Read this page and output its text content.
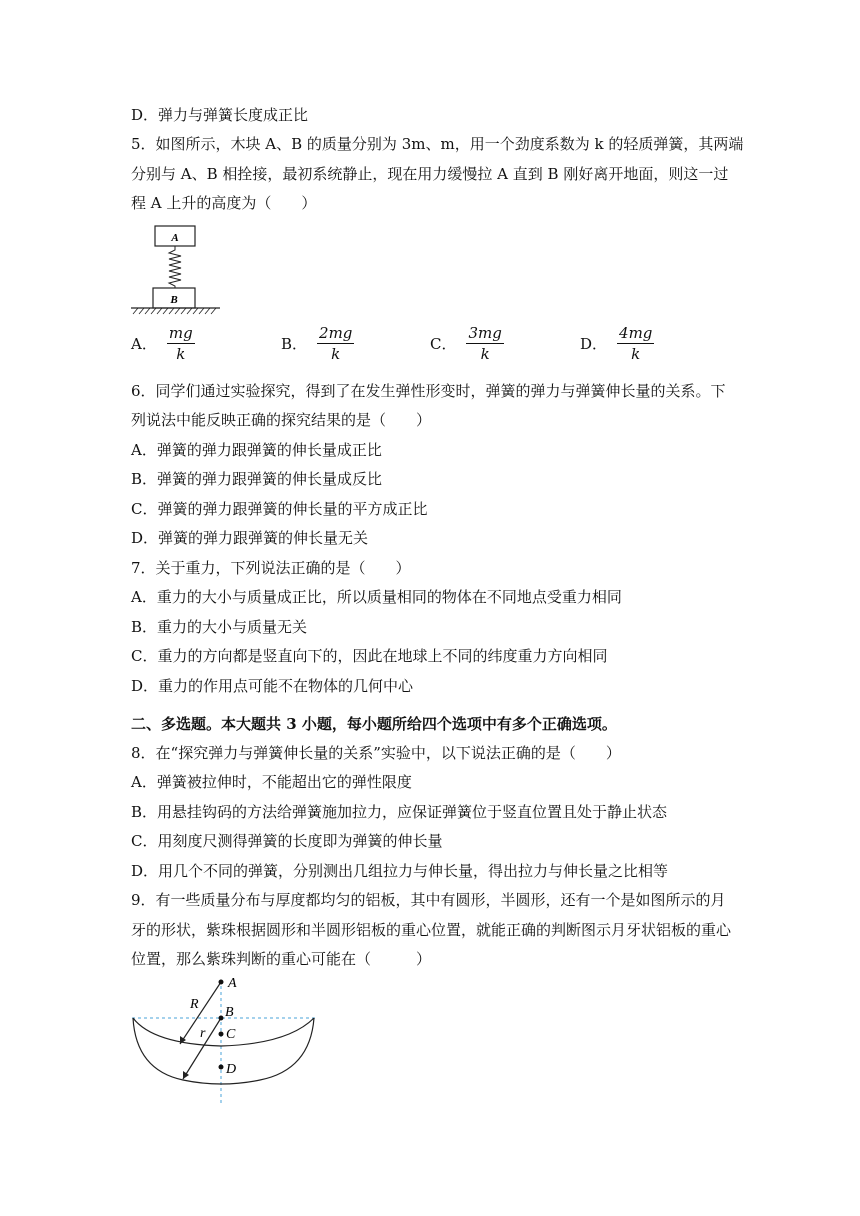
D．弹力与弹簧长度成正比
5．如图所示，木块 A、B 的质量分别为 3m、m，用一个劲度系数为 k 的轻质弹簧，其两端
分别与 A、B 相拴接，最初系统静止，现在用力缓慢拉 A 直到 B 刚好离开地面，则这一过
程 A 上升的高度为（　　）
A
B
A． $\frac{mg}{k}$	B． $\frac{2mg}{k}$	C． $\frac{3mg}{k}$	D． $\frac{4mg}{k}$
6．同学们通过实验探究，得到了在发生弹性形变时，弹簧的弹力与弹簧伸长量的关系。下
列说法中能反映正确的探究结果的是（　　）
A．弹簧的弹力跟弹簧的伸长量成正比
B．弹簧的弹力跟弹簧的伸长量成反比
C．弹簧的弹力跟弹簧的伸长量的平方成正比
D．弹簧的弹力跟弹簧的伸长量无关
7．关于重力，下列说法正确的是（　　）
A．重力的大小与质量成正比，所以质量相同的物体在不同地点受重力相同
B．重力的大小与质量无关
C．重力的方向都是竖直向下的，因此在地球上不同的纬度重力方向相同
D．重力的作用点可能不在物体的几何中心
二、多选题。本大题共 3 小题，每小题所给四个选项中有多个正确选项。
8．在“探究弹力与弹簧伸长量的关系”实验中，以下说法正确的是（　　）
A．弹簧被拉伸时，不能超出它的弹性限度
B．用悬挂钩码的方法给弹簧施加拉力，应保证弹簧位于竖直位置且处于静止状态
C．用刻度尺测得弹簧的长度即为弹簧的伸长量
D．用几个不同的弹簧，分别测出几组拉力与伸长量，得出拉力与伸长量之比相等
9．有一些质量分布与厚度都均匀的铝板，其中有圆形，半圆形，还有一个是如图所示的月
牙的形状，紫珠根据圆形和半圆形铝板的重心位置，就能正确的判断图示月牙状铝板的重心
位置，那么紫珠判断的重心可能在（　　　）
A
B
C
D
R
r
